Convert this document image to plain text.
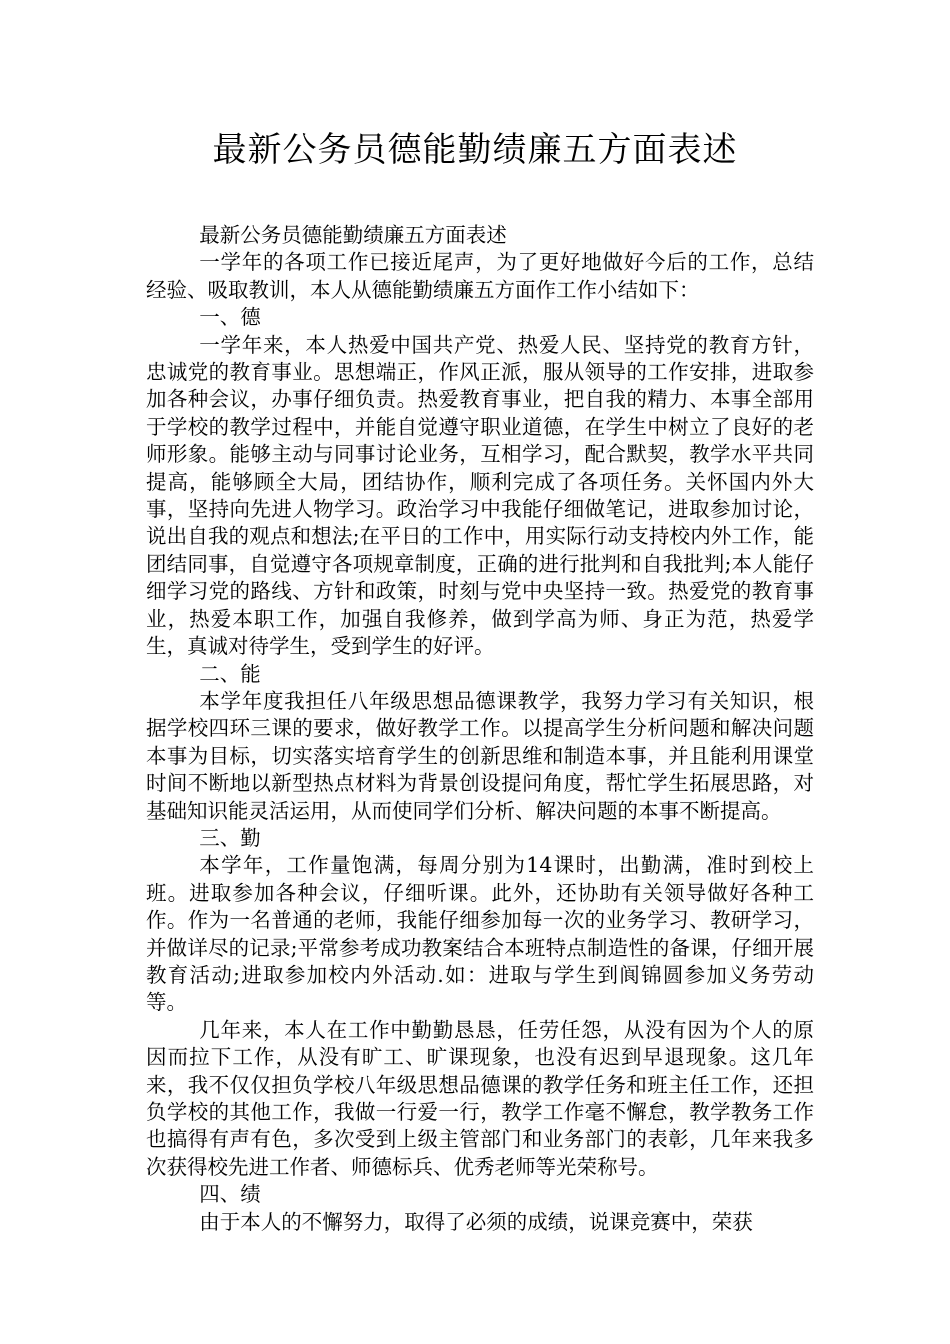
最新公务员德能勤绩廉五方面表述

最新公务员德能勤绩廉五方面表述

一学年的各项工作已接近尾声，为了更好地做好今后的工作，总结经验、吸取教训，本人从德能勤绩廉五方面作工作小结如下：

一、德

一学年来，本人热爱中国共产党、热爱人民、坚持党的教育方针，忠诚党的教育事业。思想端正，作风正派，服从领导的工作安排，进取参加各种会议，办事仔细负责。热爱教育事业，把自我的精力、本事全部用于学校的教学过程中，并能自觉遵守职业道德，在学生中树立了良好的老师形象。能够主动与同事讨论业务，互相学习，配合默契，教学水平共同提高，能够顾全大局，团结协作，顺利完成了各项任务。关怀国内外大事，坚持向先进人物学习。政治学习中我能仔细做笔记，进取参加讨论，说出自我的观点和想法;在平日的工作中，用实际行动支持校内外工作，能团结同事，自觉遵守各项规章制度，正确的进行批判和自我批判;本人能仔细学习党的路线、方针和政策，时刻与党中央坚持一致。热爱党的教育事业，热爱本职工作，加强自我修养，做到学高为师、身正为范，热爱学生，真诚对待学生，受到学生的好评。

二、能

本学年度我担任八年级思想品德课教学，我努力学习有关知识，根据学校四环三课的要求，做好教学工作。以提高学生分析问题和解决问题本事为目标，切实落实培育学生的创新思维和制造本事，并且能利用课堂时间不断地以新型热点材料为背景创设提问角度，帮忙学生拓展思路，对基础知识能灵活运用，从而使同学们分析、解决问题的本事不断提高。

三、勤

本学年，工作量饱满，每周分别为14课时，出勤满，准时到校上班。进取参加各种会议，仔细听课。此外，还协助有关领导做好各种工作。作为一名普通的老师，我能仔细参加每一次的业务学习、教研学习，并做详尽的记录;平常参考成功教案结合本班特点制造性的备课，仔细开展教育活动;进取参加校内外活动.如：进取与学生到阆锦圆参加义务劳动等。

几年来，本人在工作中勤勤恳恳，任劳任怨，从没有因为个人的原因而拉下工作，从没有旷工、旷课现象，也没有迟到早退现象。这几年来，我不仅仅担负学校八年级思想品德课的教学任务和班主任工作，还担负学校的其他工作，我做一行爱一行，教学工作毫不懈怠，教学教务工作也搞得有声有色，多次受到上级主管部门和业务部门的表彰，几年来我多次获得校先进工作者、师德标兵、优秀老师等光荣称号。

四、绩

由于本人的不懈努力，取得了必须的成绩，说课竞赛中，荣获
